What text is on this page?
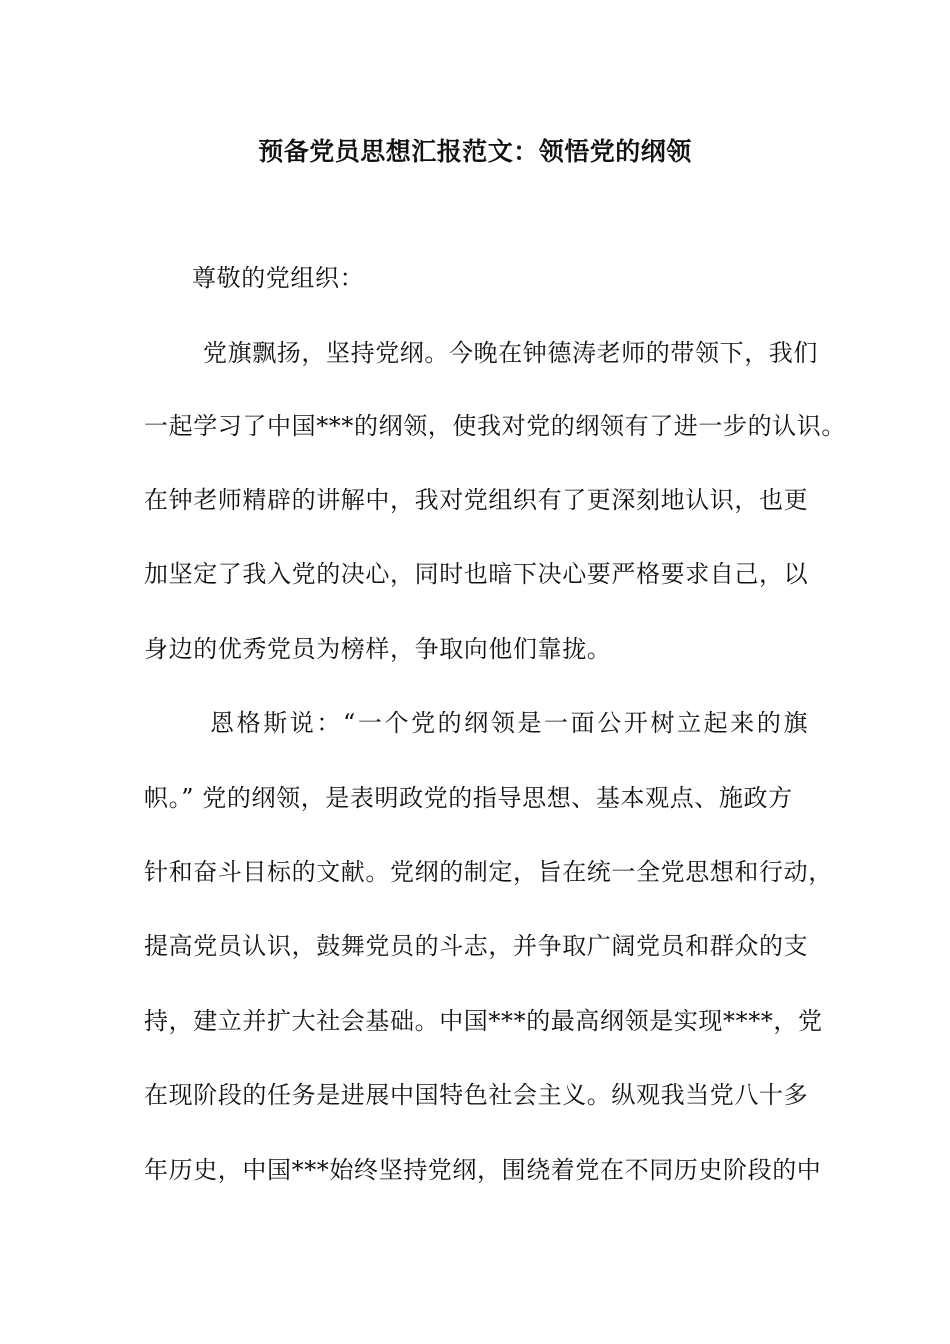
预备党员思想汇报范文：领悟党的纲领
尊敬的党组织：
党旗飘扬，坚持党纲。今晚在钟德涛老师的带领下，我们
一起学习了中国***的纲领，使我对党的纲领有了进一步的认识。
在钟老师精辟的讲解中，我对党组织有了更深刻地认识，也更
加坚定了我入党的决心，同时也暗下决心要严格要求自己，以
身边的优秀党员为榜样，争取向他们靠拢。
恩格斯说：“一个党的纲领是一面公开树立起来的旗
帜。” 党的纲领，是表明政党的指导思想、基本观点、施政方
针和奋斗目标的文献。党纲的制定，旨在统一全党思想和行动，
提高党员认识，鼓舞党员的斗志，并争取广阔党员和群众的支
持，建立并扩大社会基础。中国***的最高纲领是实现****，党
在现阶段的任务是进展中国特色社会主义。纵观我当党八十多
年历史，中国***始终坚持党纲，围绕着党在不同历史阶段的中
